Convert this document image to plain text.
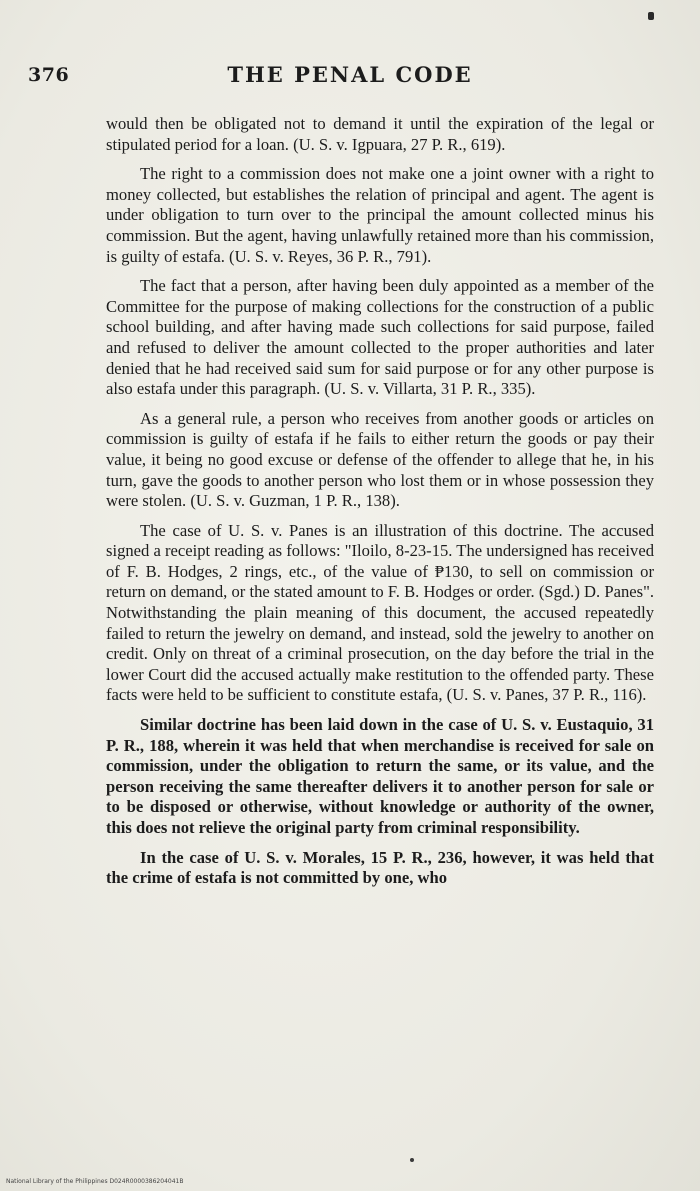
376	THE PENAL CODE

would then be obligated not to demand it until the expiration of the legal or stipulated period for a loan. (U. S. v. Igpuara, 27 P. R., 619).

The right to a commission does not make one a joint owner with a right to money collected, but establishes the relation of principal and agent. The agent is under obligation to turn over to the principal the amount collected minus his commission. But the agent, having unlawfully retained more than his commission, is guilty of estafa. (U. S. v. Reyes, 36 P. R., 791).

The fact that a person, after having been duly appointed as a member of the Committee for the purpose of making collections for the construction of a public school building, and after having made such collections for said purpose, failed and refused to deliver the amount collected to the proper authorities and later denied that he had received said sum for said purpose or for any other purpose is also estafa under this paragraph. (U. S. v. Villarta, 31 P. R., 335).

As a general rule, a person who receives from another goods or articles on commission is guilty of estafa if he fails to either return the goods or pay their value, it being no good excuse or defense of the offender to allege that he, in his turn, gave the goods to another person who lost them or in whose possession they were stolen. (U. S. v. Guzman, 1 P. R., 138).

The case of U. S. v. Panes is an illustration of this doctrine. The accused signed a receipt reading as follows: "Iloilo, 8-23-15. The undersigned has received of F. B. Hodges, 2 rings, etc., of the value of ₱130, to sell on commission or return on demand, or the stated amount to F. B. Hodges or order. (Sgd.) D. Panes". Notwithstanding the plain meaning of this document, the accused repeatedly failed to return the jewelry on demand, and instead, sold the jewelry to another on credit. Only on threat of a criminal prosecution, on the day before the trial in the lower Court did the accused actually make restitution to the offended party. These facts were held to be sufficient to constitute estafa, (U. S. v. Panes, 37 P. R., 116).

Similar doctrine has been laid down in the case of U. S. v. Eustaquio, 31 P. R., 188, wherein it was held that when merchandise is received for sale on commission, under the obligation to return the same, or its value, and the person receiving the same thereafter delivers it to another person for sale or to be disposed or otherwise, without knowledge or authority of the owner, this does not relieve the original party from criminal responsibility.

In the case of U. S. v. Morales, 15 P. R., 236, however, it was held that the crime of estafa is not committed by one, who

National Library of the Philippines D024R0000386204041B
